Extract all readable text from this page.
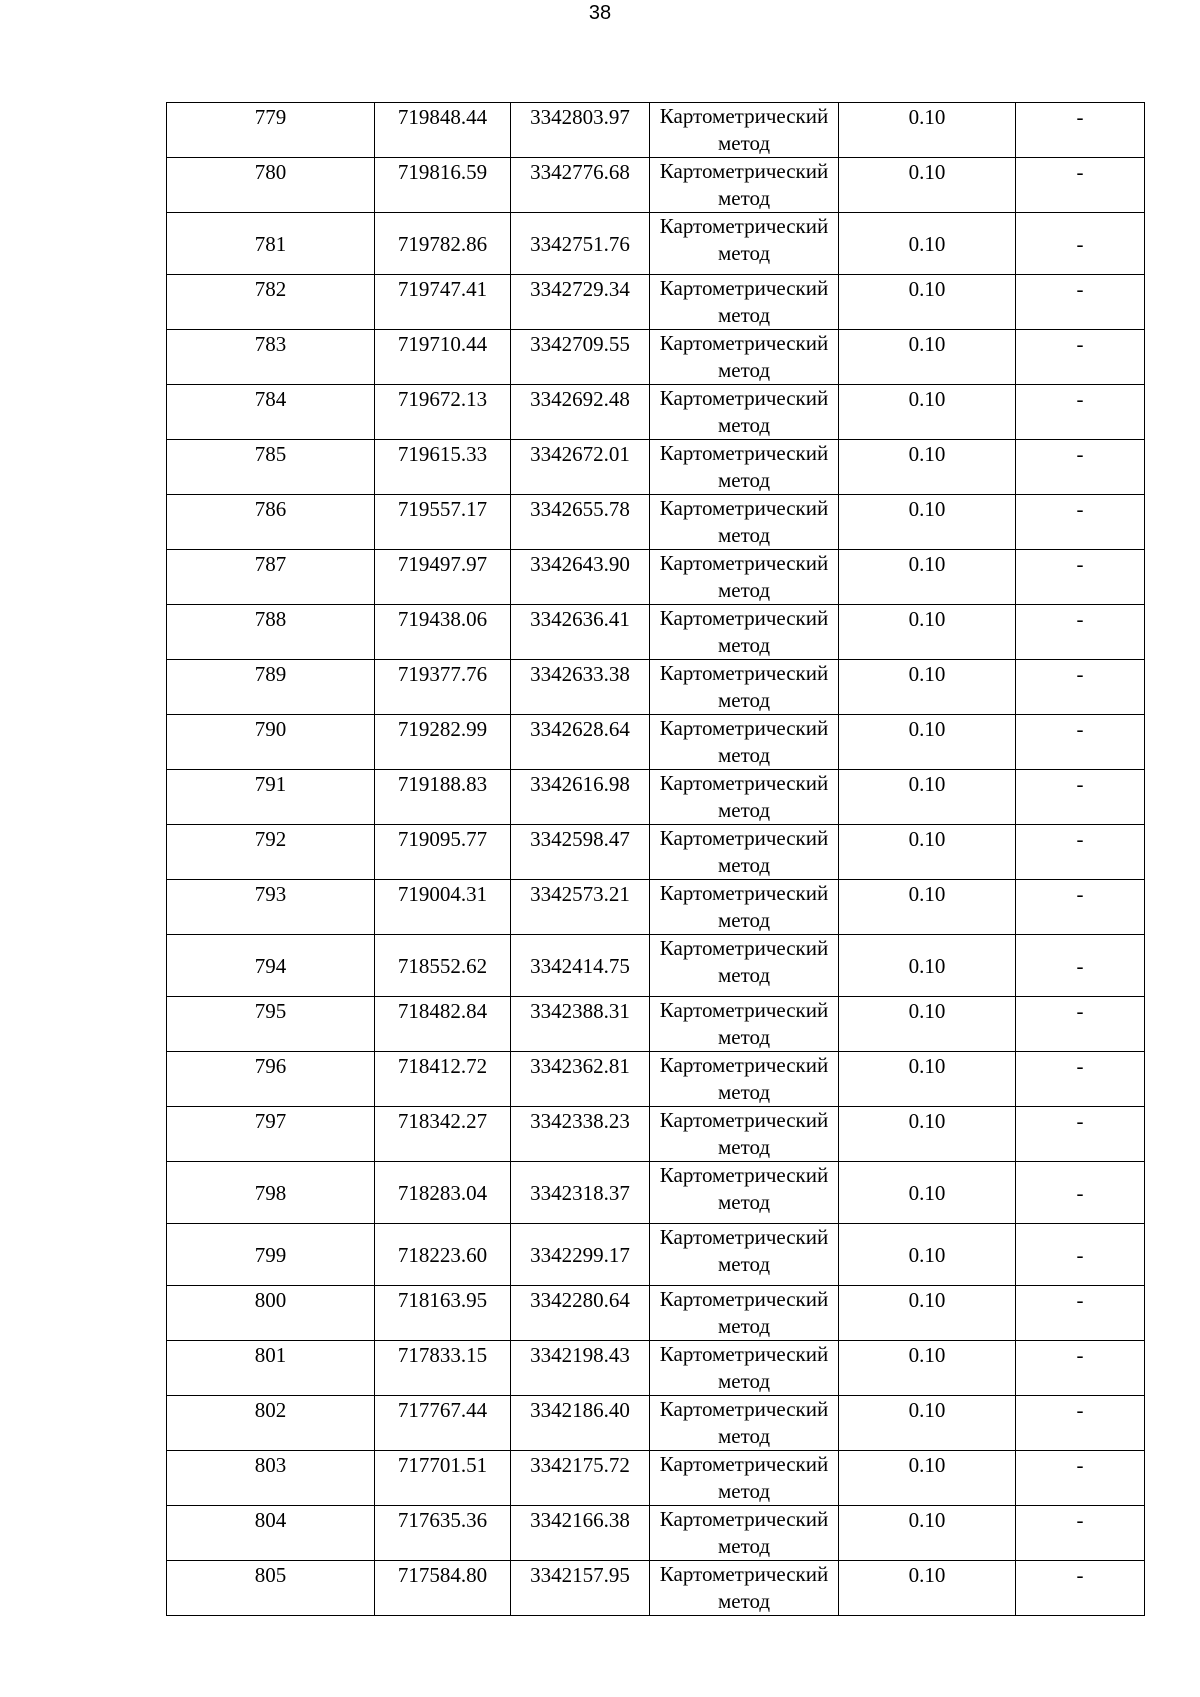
38
779	719848.44	3342803.97	Картометрический
метод	0.10	-

780	719816.59	3342776.68	Картометрический
метод	0.10	-

781	719782.86	3342751.76	Картометрический
метод	0.10	-

782	719747.41	3342729.34	Картометрический
метод	0.10	-

783	719710.44	3342709.55	Картометрический
метод	0.10	-

784	719672.13	3342692.48	Картометрический
метод	0.10	-

785	719615.33	3342672.01	Картометрический
метод	0.10	-

786	719557.17	3342655.78	Картометрический
метод	0.10	-

787	719497.97	3342643.90	Картометрический
метод	0.10	-

788	719438.06	3342636.41	Картометрический
метод	0.10	-

789	719377.76	3342633.38	Картометрический
метод	0.10	-

790	719282.99	3342628.64	Картометрический
метод	0.10	-

791	719188.83	3342616.98	Картометрический
метод	0.10	-

792	719095.77	3342598.47	Картометрический
метод	0.10	-

793	719004.31	3342573.21	Картометрический
метод	0.10	-

794	718552.62	3342414.75	Картометрический
метод	0.10	-

795	718482.84	3342388.31	Картометрический
метод	0.10	-

796	718412.72	3342362.81	Картометрический
метод	0.10	-

797	718342.27	3342338.23	Картометрический
метод	0.10	-

798	718283.04	3342318.37	Картометрический
метод	0.10	-

799	718223.60	3342299.17	Картометрический
метод	0.10	-

800	718163.95	3342280.64	Картометрический
метод	0.10	-

801	717833.15	3342198.43	Картометрический
метод	0.10	-

802	717767.44	3342186.40	Картометрический
метод	0.10	-

803	717701.51	3342175.72	Картометрический
метод	0.10	-

804	717635.36	3342166.38	Картометрический
метод	0.10	-

805	717584.80	3342157.95	Картометрический
метод	0.10	-
